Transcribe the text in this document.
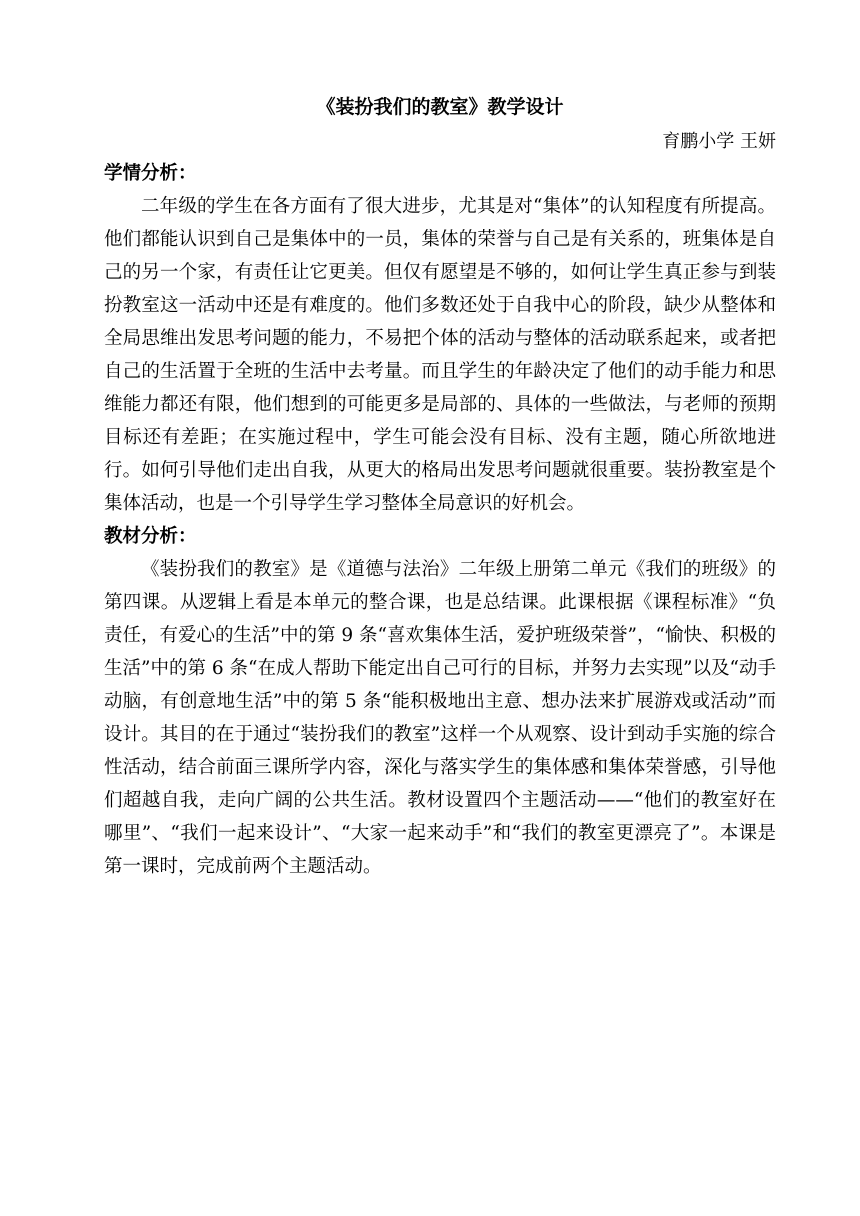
《装扮我们的教室》教学设计

育鹏小学 王妍

学情分析：

二年级的学生在各方面有了很大进步，尤其是对“集体”的认知程度有所提高。他们都能认识到自己是集体中的一员，集体的荣誉与自己是有关系的，班集体是自己的另一个家，有责任让它更美。但仅有愿望是不够的，如何让学生真正参与到装扮教室这一活动中还是有难度的。他们多数还处于自我中心的阶段，缺少从整体和全局思维出发思考问题的能力，不易把个体的活动与整体的活动联系起来，或者把自己的生活置于全班的生活中去考量。而且学生的年龄决定了他们的动手能力和思维能力都还有限，他们想到的可能更多是局部的、具体的一些做法，与老师的预期目标还有差距；在实施过程中，学生可能会没有目标、没有主题，随心所欲地进行。如何引导他们走出自我，从更大的格局出发思考问题就很重要。装扮教室是个集体活动，也是一个引导学生学习整体全局意识的好机会。

教材分析：

《装扮我们的教室》是《道德与法治》二年级上册第二单元《我们的班级》的第四课。从逻辑上看是本单元的整合课，也是总结课。此课根据《课程标准》“负责任，有爱心的生活”中的第 9 条“喜欢集体生活，爱护班级荣誉”，“愉快、积极的生活”中的第 6 条“在成人帮助下能定出自己可行的目标，并努力去实现”以及“动手动脑，有创意地生活”中的第 5 条“能积极地出主意、想办法来扩展游戏或活动”而设计。其目的在于通过“装扮我们的教室”这样一个从观察、设计到动手实施的综合性活动，结合前面三课所学内容，深化与落实学生的集体感和集体荣誉感，引导他们超越自我，走向广阔的公共生活。教材设置四个主题活动——“他们的教室好在哪里”、“我们一起来设计”、“大家一起来动手”和“我们的教室更漂亮了”。本课是第一课时，完成前两个主题活动。
